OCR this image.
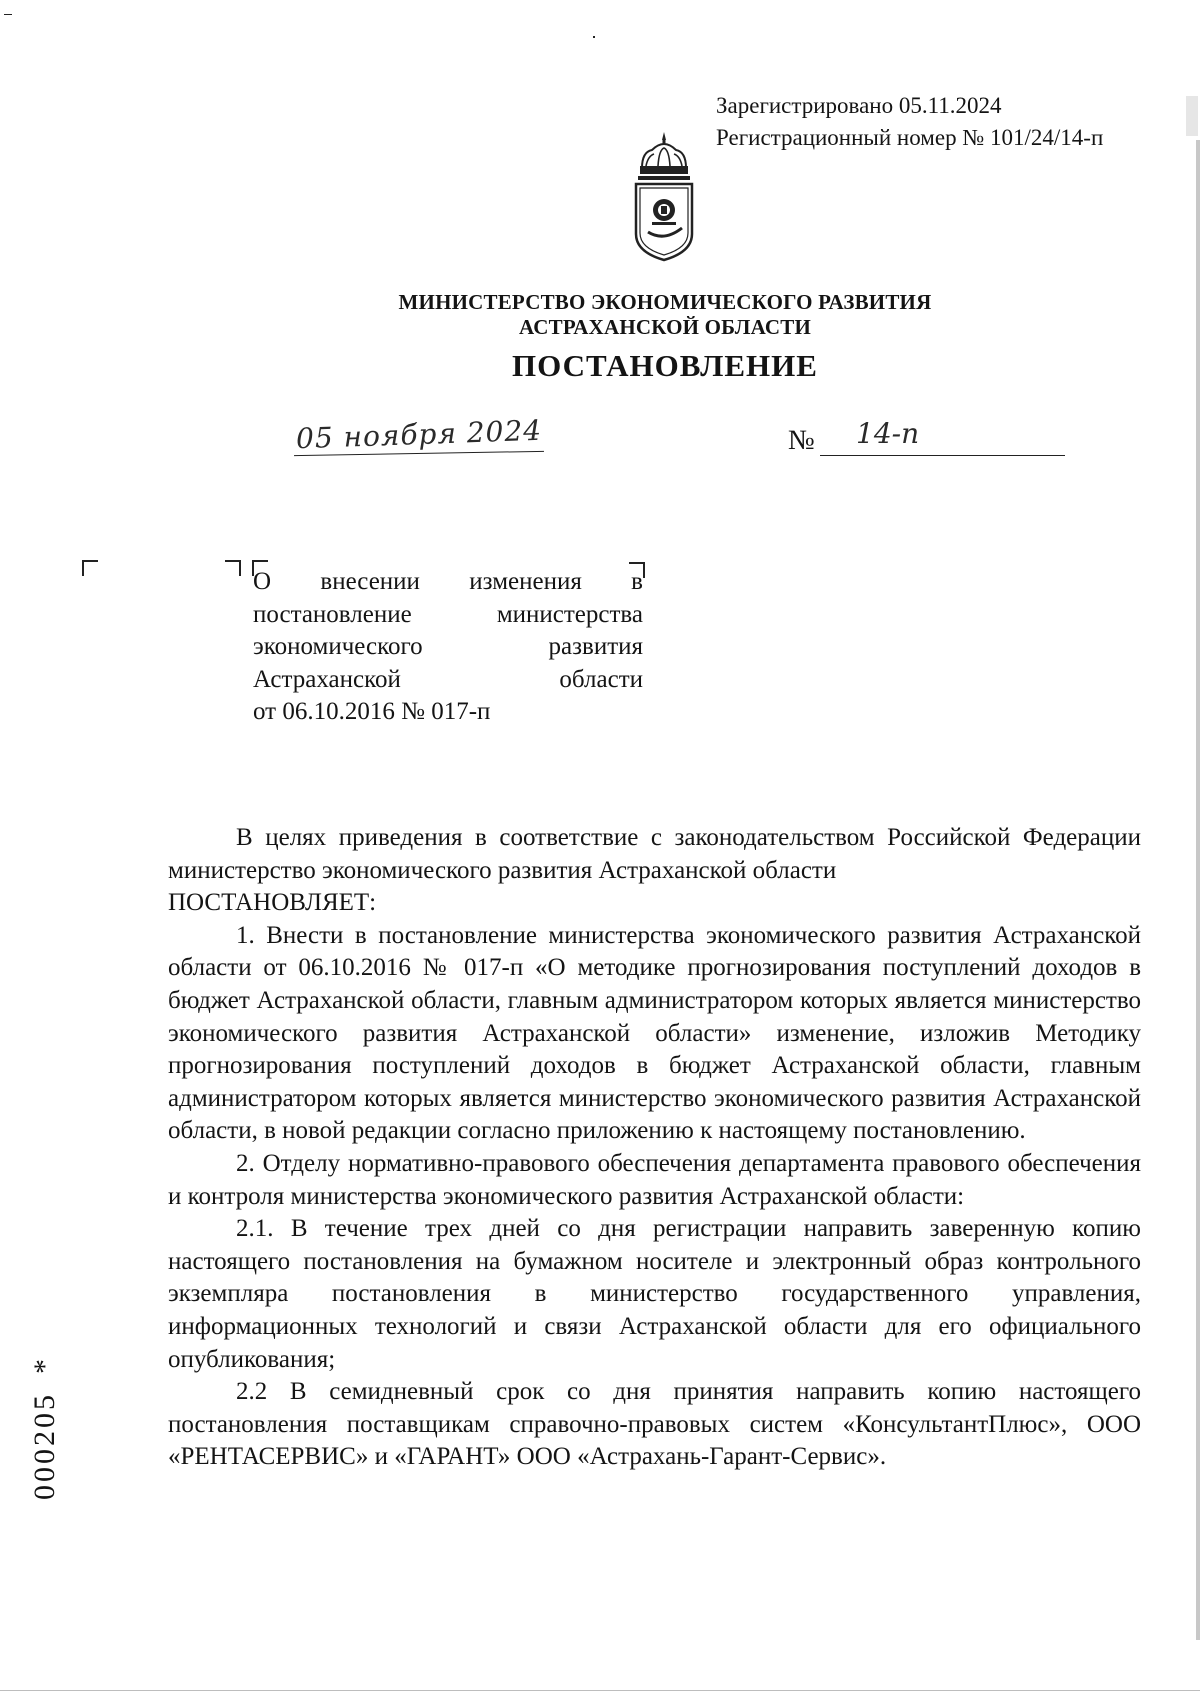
Зарегистрировано 05.11.2024
Регистрационный номер № 101/24/14-п
МИНИСТЕРСТВО ЭКОНОМИЧЕСКОГО РАЗВИТИЯ
АСТРАХАНСКОЙ ОБЛАСТИ
ПОСТАНОВЛЕНИЕ
05 ноября 2024	№ 14-п
О внесении изменения в
постановление министерства
экономического развития
Астраханской области
от 06.10.2016 № 017-п

В целях приведения в соответствие с законодательством Российской Федерации министерство экономического развития Астраханской области

ПОСТАНОВЛЯЕТ:

1. Внести в постановление министерства экономического развития Астраханской области от 06.10.2016 № 017-п «О методике прогнозирования поступлений доходов в бюджет Астраханской области, главным администратором которых является министерство экономического развития Астраханской области» изменение, изложив Методику прогнозирования поступлений доходов в бюджет Астраханской области, главным администратором которых является министерство экономического развития Астраханской области, в новой редакции согласно приложению к настоящему постановлению.

2. Отделу нормативно-правового обеспечения департамента правового обеспечения и контроля министерства экономического развития Астраханской области:

2.1. В течение трех дней со дня регистрации направить заверенную копию настоящего постановления на бумажном носителе и электронный образ контрольного экземпляра постановления в министерство государственного управления, информационных технологий и связи Астраханской области для его официального опубликования;

2.2 В семидневный срок со дня принятия направить копию настоящего постановления поставщикам справочно-правовых систем «КонсультантПлюс», ООО «РЕНТАСЕРВИС» и «ГАРАНТ» ООО «Астрахань-Гарант-Сервис».

000205*
